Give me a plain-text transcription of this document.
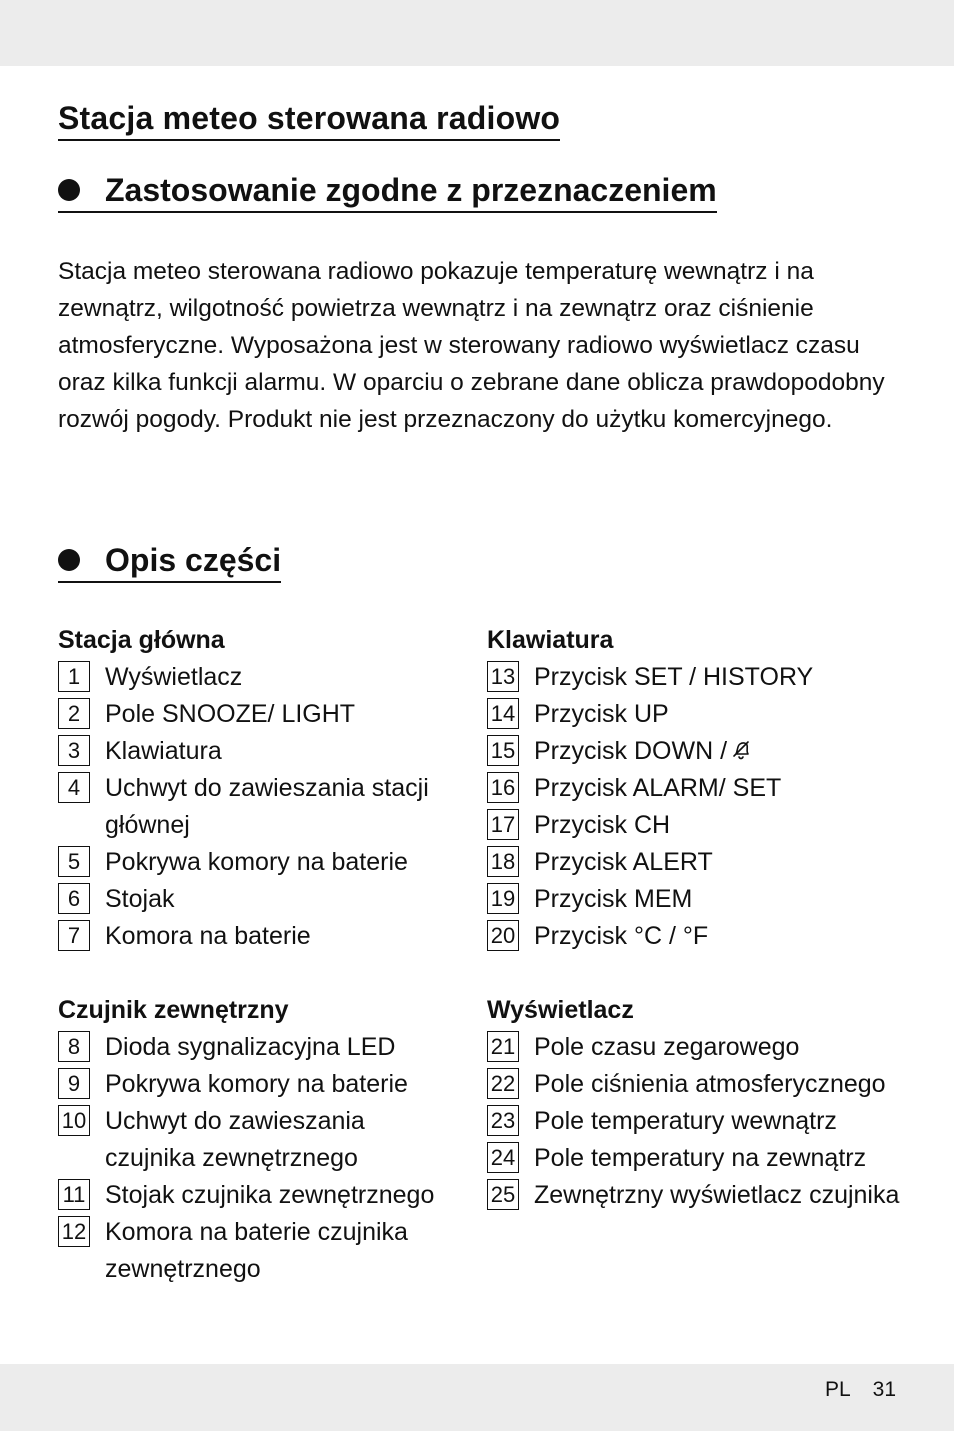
Stacja meteo sterowana radiowo
Zastosowanie zgodne z przeznaczeniem

Stacja meteo sterowana radiowo pokazuje temperaturę wewnątrz i na zewnątrz, wilgotność powietrza wewnątrz i na zewnątrz oraz ciśnienie atmosferyczne. Wyposażona jest w sterowany radiowo wyświetlacz czasu oraz kilka funkcji alarmu. W oparciu o zebrane dane oblicza prawdopodobny rozwój pogody. Produkt nie jest przeznaczony do użytku komercyjnego.

Opis części
Stacja główna
1 Wyświetlacz
2 Pole SNOOZE/ LIGHT
3 Klawiatura
4 Uchwyt do zawieszania stacji głównej
5 Pokrywa komory na baterie
6 Stojak
7 Komora na baterie
Czujnik zewnętrzny
8 Dioda sygnalizacyjna LED
9 Pokrywa komory na baterie
10 Uchwyt do zawieszania czujnika zewnętrznego
11 Stojak czujnika zewnętrznego
12 Komora na baterie czujnika zewnętrznego
Klawiatura
13 Przycisk SET / HISTORY
14 Przycisk UP
15 Przycisk DOWN /
16 Przycisk ALARM/ SET
17 Przycisk CH
18 Przycisk ALERT
19 Przycisk MEM
20 Przycisk °C / °F
Wyświetlacz
21 Pole czasu zegarowego
22 Pole ciśnienia atmosferycznego
23 Pole temperatury wewnątrz
24 Pole temperatury na zewnątrz
25 Zewnętrzny wyświetlacz czujnika
PL 31
